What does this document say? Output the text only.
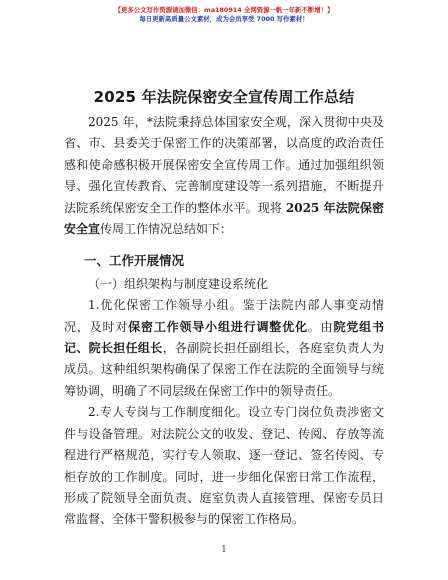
【更多公文写作资源请加微信：ma180914 全网资源一帆一年新不断增！】
每日更新高质量公文素材，成为会员享受 7000 写作素材！
2025 年法院保密安全宣传周工作总结

2025 年，*法院秉持总体国家安全观，深入贯彻中央及省、市、县委关于保密工作的决策部署，以高度的政治责任感和使命感积极开展保密安全宣传周工作。通过加强组织领导、强化宣传教育、完善制度建设等一系列措施，不断提升法院系统保密安全工作的整体水平。现将 2025 年法院保密安全宣传周工作情况总结如下：

一、工作开展情况

（一）组织架构与制度建设系统化

1.优化保密工作领导小组。鉴于法院内部人事变动情况，及时对保密工作领导小组进行调整优化。由院党组书记、院长担任组长，各副院长担任副组长，各庭室负责人为成员。这种组织架构确保了保密工作在法院的全面领导与统筹协调，明确了不同层级在保密工作中的领导责任。

2.专人专岗与工作制度细化。设立专门岗位负责涉密文件与设备管理。对法院公文的收发、登记、传阅、存放等流程进行严格规范，实行专人领取、逐一登记、签名传阅、专柜存放的工作制度。同时，进一步细化保密日常工作流程，形成了院领导全面负责、庭室负责人直接管理、保密专员日常监督、全体干警积极参与的保密工作格局。

1
